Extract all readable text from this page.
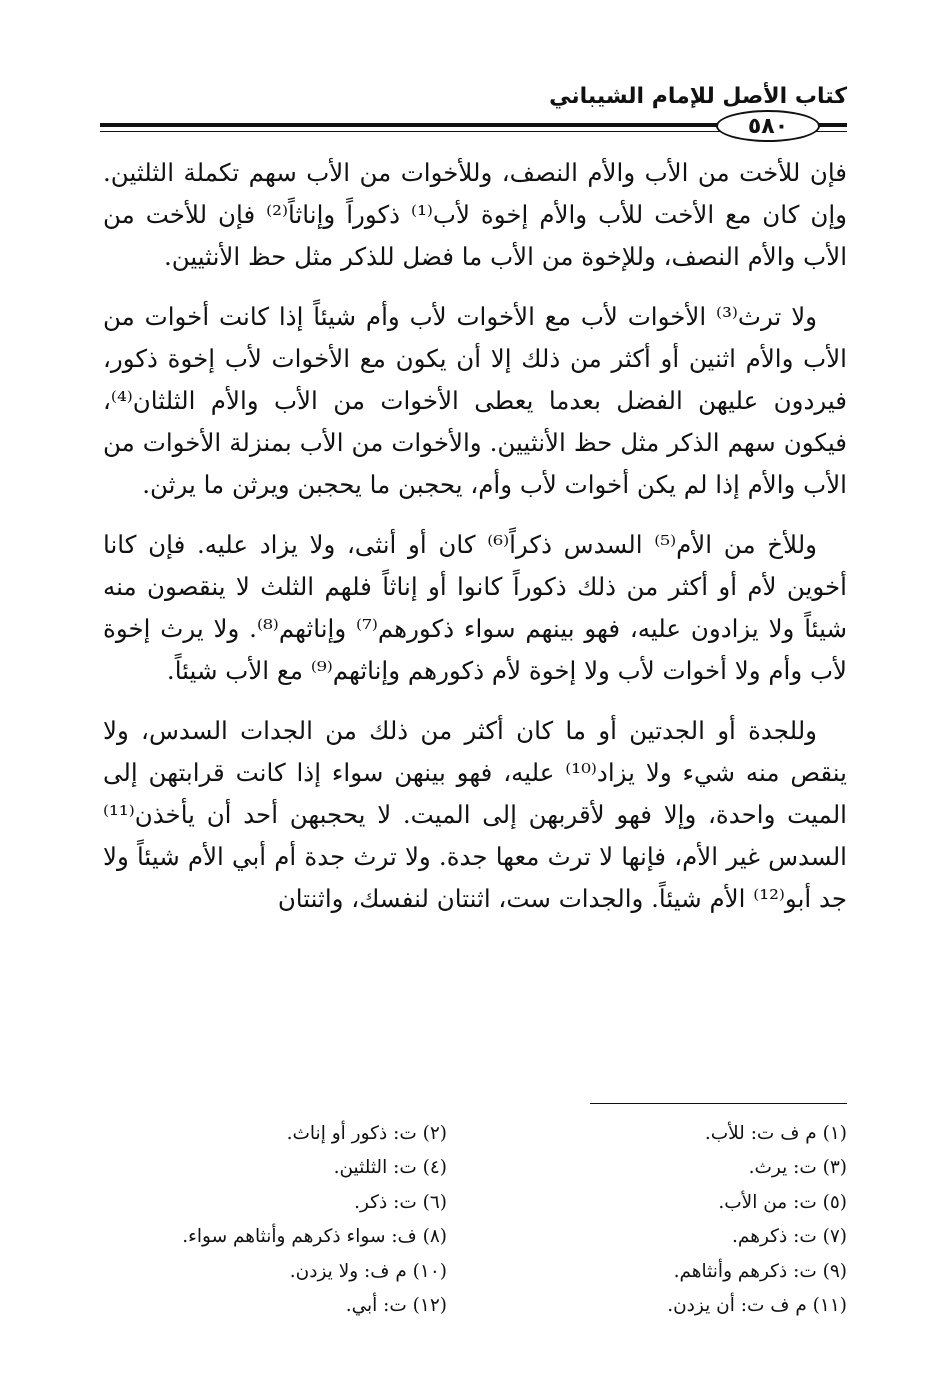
كتاب الأصل للإمام الشيباني
٥٨٠

فإن للأخت من الأب والأم النصف، وللأخوات من الأب سهم تكملة الثلثين. وإن كان مع الأخت للأب والأم إخوة لأب⁽¹⁾ ذكوراً وإناثاً⁽²⁾ فإن للأخت من الأب والأم النصف، وللإخوة من الأب ما فضل للذكر مثل حظ الأنثيين.

ولا ترث⁽³⁾ الأخوات لأب مع الأخوات لأب وأم شيئاً إذا كانت أخوات من الأب والأم اثنين أو أكثر من ذلك إلا أن يكون مع الأخوات لأب إخوة ذكور، فيردون عليهن الفضل بعدما يعطى الأخوات من الأب والأم الثلثان⁽⁴⁾، فيكون سهم الذكر مثل حظ الأنثيين. والأخوات من الأب بمنزلة الأخوات من الأب والأم إذا لم يكن أخوات لأب وأم، يحجبن ما يحجبن ويرثن ما يرثن.

وللأخ من الأم⁽⁵⁾ السدس ذكراً⁽⁶⁾ كان أو أنثى، ولا يزاد عليه. فإن كانا أخوين لأم أو أكثر من ذلك ذكوراً كانوا أو إناثاً فلهم الثلث لا ينقصون منه شيئاً ولا يزادون عليه، فهو بينهم سواء ذكورهم⁽⁷⁾ وإناثهم⁽⁸⁾. ولا يرث إخوة لأب وأم ولا أخوات لأب ولا إخوة لأم ذكورهم وإناثهم⁽⁹⁾ مع الأب شيئاً.

وللجدة أو الجدتين أو ما كان أكثر من ذلك من الجدات السدس، ولا ينقص منه شيء ولا يزاد⁽¹⁰⁾ عليه، فهو بينهن سواء إذا كانت قرابتهن إلى الميت واحدة، وإلا فهو لأقربهن إلى الميت. لا يحجبهن أحد أن يأخذن⁽¹¹⁾ السدس غير الأم، فإنها لا ترث معها جدة. ولا ترث جدة أم أبي الأم شيئاً ولا جد أبو⁽¹²⁾ الأم شيئاً. والجدات ست، اثنتان لنفسك، واثنتان

(١) م ف ت: للأب.
(٢) ت: ذكور أو إناث.
(٣) ت: يرث.
(٤) ت: الثلثين.
(٥) ت: من الأب.
(٦) ت: ذكر.
(٧) ت: ذكرهم.
(٨) ف: سواء ذكرهم وأنثاهم سواء.
(٩) ت: ذكرهم وأنثاهم.
(١٠) م ف: ولا يزدن.
(١١) م ف ت: أن يزدن.
(١٢) ت: أبي.
